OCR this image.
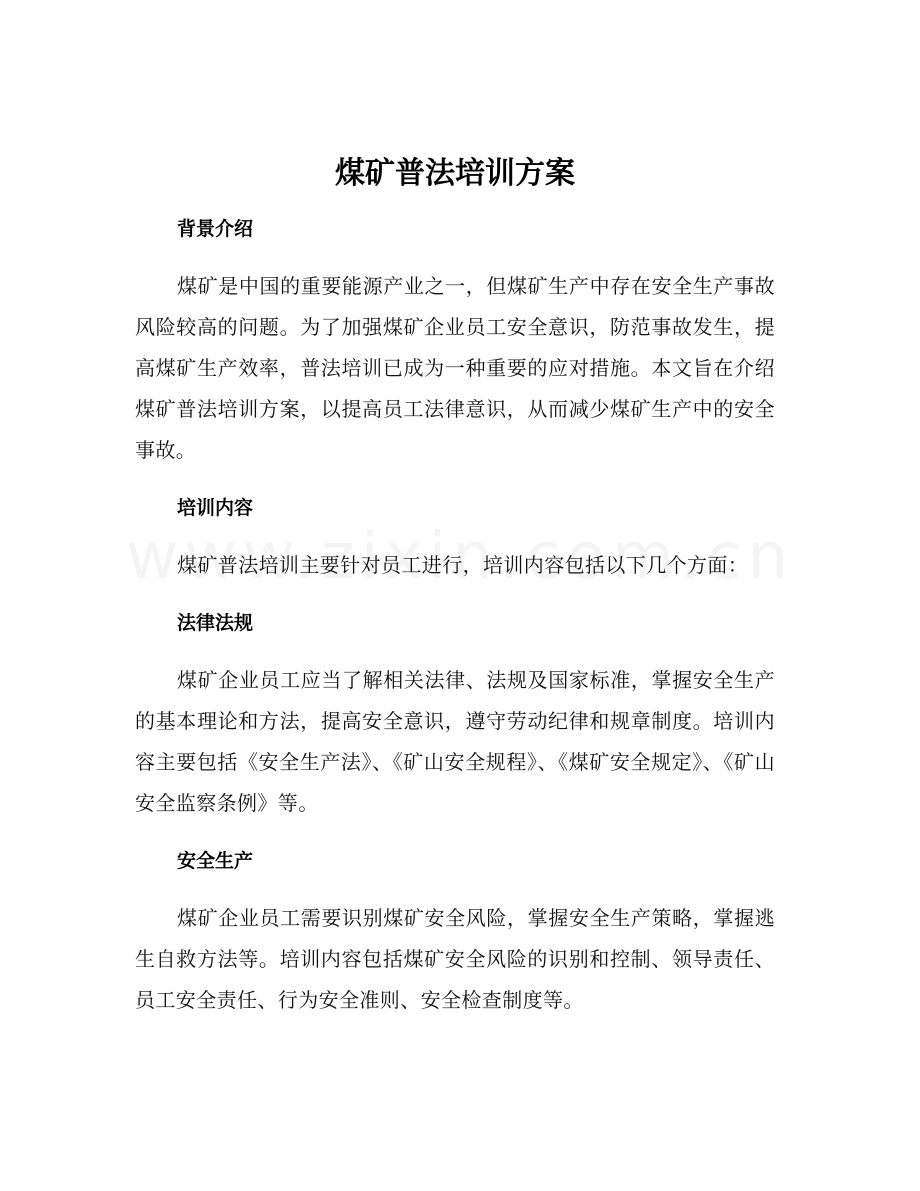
煤矿普法培训方案
背景介绍

煤矿是中国的重要能源产业之一，但煤矿生产中存在安全生产事故风险较高的问题。为了加强煤矿企业员工安全意识，防范事故发生，提高煤矿生产效率，普法培训已成为一种重要的应对措施。本文旨在介绍煤矿普法培训方案，以提高员工法律意识，从而减少煤矿生产中的安全事故。

培训内容

煤矿普法培训主要针对员工进行，培训内容包括以下几个方面：

法律法规

煤矿企业员工应当了解相关法律、法规及国家标准，掌握安全生产的基本理论和方法，提高安全意识，遵守劳动纪律和规章制度。培训内容主要包括《安全生产法》、《矿山安全规程》、《煤矿安全规定》、《矿山安全监察条例》等。

安全生产

煤矿企业员工需要识别煤矿安全风险，掌握安全生产策略，掌握逃生自救方法等。培训内容包括煤矿安全风险的识别和控制、领导责任、员工安全责任、行为安全准则、安全检查制度等。
